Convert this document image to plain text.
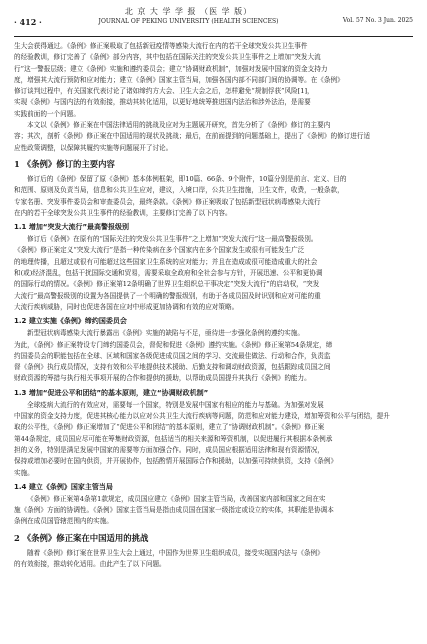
· 412 ·
北 京 大 学 学 报 （医 学 版）
JOURNAL OF PEKING UNIVERSITY (HEALTH SCIENCES)	Vol. 57 No. 3 Jun. 2025
生大会获得通过。《条例》修正案吸取了包括新冠疫情等感染大流行在内的若干全球突发公共卫生事件
的经验教训，修订完善了《条例》部分内容，其中包括在国际关注的突发公共卫生事件之上增加“突发大流
行”这一警报层级；建立《条例》实施和遵约委员会；建立“协调财政机制”，加强对发展中国家的资金支持力
度，增强其大流行预防和应对能力；建立《条例》国家主管当局，加强各国内部不同部门间的协调等。在《条例》
修订谈判过程中，有关国家代表讨论了诸如缔约方大会、卫生大会之后，怎样避免“规制俘获”风险[1]，
实现《条例》与国内法的有效衔接，推动其转化适用，以更好地统筹推进国内法治和涉外法治，是需要
实践前面的一个问题。
本文以《条例》修正案在中国法律适用的挑战及应对为主题展开研究，首先分析了《条例》修订的主要内
容；其次，剖析《条例》修正案在中国适用的现状及挑战；最后，在前面提到的问题基础上，提出了《条例》的修订进行适
应性政策调整，以保障其履约实施等问题展开了讨论。
1 《条例》修订的主要内容
修订后的《条例》保留了原《条例》基本体例框架，即10篇、66条、9个附件，10篇分别是前言、定义、目的
和范围、原则及负责当局，信息和公共卫生应对，建议，入境口岸，公共卫生措施，卫生文件，收费，一般条款，
专家名册、突发事件委员会和审查委员会，最终条款。《条例》修正案吸取了包括新型冠状病毒感染大流行
在内的若干全球突发公共卫生事件的经验教训，主要修订完善了以下内容。
1.1 增加“突发大流行”最高警报级别
修订后《条例》在原有的“国际关注的突发公共卫生事件”之上增加“突发大流行”这一最高警报级别。
《条例》修正案定义“突发大流行”是指一种传染病在多个国家内在多个国家发生或很有可能发生广泛
的地理传播，且超过或很有可能超过这些国家卫生系统的应对能力；并且在造成或很可能造成重大的社会
和(或)经济混乱，包括干扰国际交通和贸易，需要采取全政府和全社会参与方针，开展迅速、公平和更协调
的国际行动的情况。《条例》修正案第12条明确了世界卫生组织总干事决定“突发大流行”的启动权，“突发
大流行”最高警报级别的设置为各国提供了一个明确的警报级别，有助于各成员国及时识别和应对可能的重
大流行疾病威胁，同时也促进各国在应对中形成更加协调和有效的应对策略。
1.2 建立实施《条例》缔约国委员会
新型冠状病毒感染大流行暴露出《条例》实施的缺陷与不足，亟待进一步强化条例的遵约实施。
为此，《条例》修正案特设专门缔约国委员会，督促和促进《条例》遵约实施。《条例》修正案第54条规定，缔
约国委员会的职能包括在全球、区域和国家各级促进成员国之间的学习、交流最佳做法、行动和合作，负责监
督《条例》执行成员情况，支持有效和公平地提供技术援助、后勤支持和调动财政资源，包括跟踪成员国之间
财政资源的筹措与执行相关事项开展的合作和提供的援助，以帮助成员国提升其执行《条例》的能力。
1.3 增加“促进公平和团结”的基本原则，建立“协调财政机制”
全球疫病大流行的有效应对，需要每一个国家，特别是发展中国家有相应的能力与基础。为加强对发展
中国家的资金支持力度，促进其核心能力以应对公共卫生大流行疾病等问题，防范和应对能力建设，增加筹资和公平与团结，提升
取的公平性，《条例》修正案增加了“促进公平和团结”的基本原则，建立了“协调财政机制”。《条例》修正案
第44条规定，成员国应尽可能在筹集财政资源，包括适当的相关来源和筹资机制，以促进履行其根据本条例承
担的义务，特别是满足发展中国家的需要等方面加强合作。同时，成员国应根据适用法律和现有资源情况，
保持或增加必要时在国内供资，并开展协作，包括酌情开展国际合作和援助，以加强可持续供资，支持《条例》
实施。
1.4 建立《条例》国家主管当局
《条例》修正案第4条第1款规定，成员国应建立《条例》国家主管当局，改善国家内部和国家之间在实
施《条例》方面的协调性。《条例》国家主管当局是指由成员国在国家一级指定或设立的实体，其职能是协调本
条例在成员国管辖范围内的实施。
2 《条例》修正案在中国适用的挑战
随着《条例》修订案在世界卫生大会上通过，中国作为世界卫生组织成员，接受实现国内法与《条例》
的有效衔接，推动转化适用。由此产生了以下问题。
